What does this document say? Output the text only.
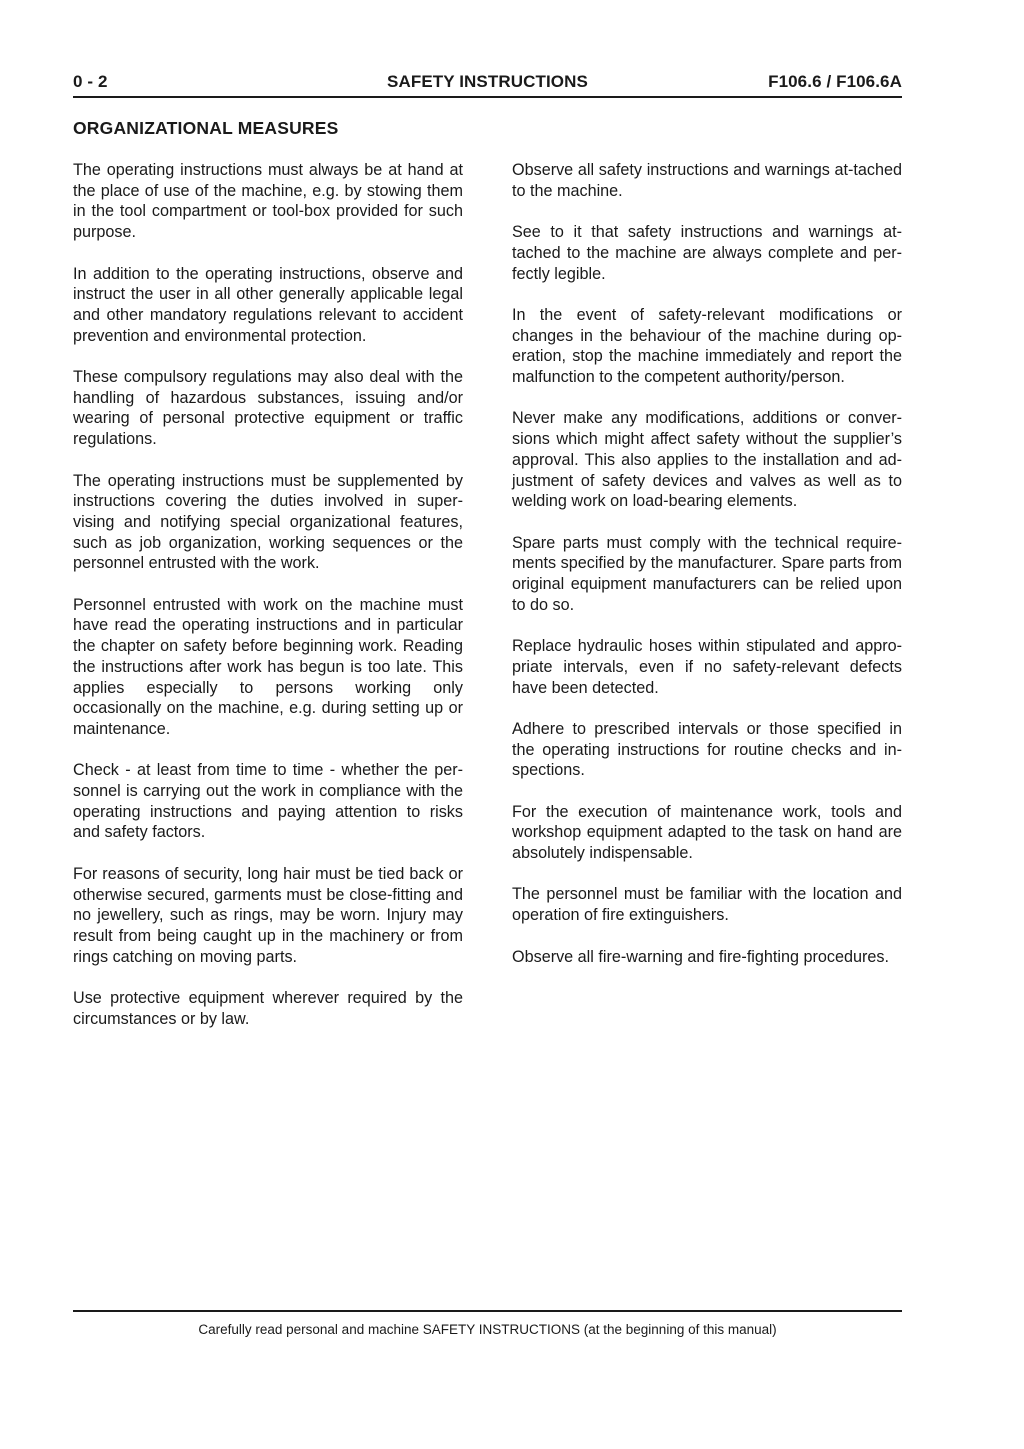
0 - 2	SAFETY INSTRUCTIONS	F106.6 / F106.6A
ORGANIZATIONAL MEASURES

The operating instructions must always be at hand at the place of use of the machine, e.g. by stowing them in the tool compartment or tool-box provided for such purpose.

In addition to the operating instructions, observe and instruct the user in all other generally applicable legal and other mandatory regulations relevant to accident prevention and environmental protection.

These compulsory regulations may also deal with the handling of hazardous substances, issuing and/or wearing of personal protective equipment or traffic regulations.

The operating instructions must be supplemented by instructions covering the duties involved in super-vising and notifying special organizational features, such as job organization, working sequences or the personnel entrusted with the work.

Personnel entrusted with work on the machine must have read the operating instructions and in particular the chapter on safety before beginning work. Reading the instructions after work has begun is too late. This applies especially to persons working only occasionally on the machine, e.g. during setting up or maintenance.

Check - at least from time to time - whether the per-sonnel is carrying out the work in compliance with the operating instructions and paying attention to risks and safety factors.

For reasons of security, long hair must be tied back or otherwise secured, garments must be close-fitting and no jewellery, such as rings, may be worn. Injury may result from being caught up in the machinery or from rings catching on moving parts.

Use protective equipment wherever required by the circumstances or by law.

Observe all safety instructions and warnings at-tached to the machine.

See to it that safety instructions and warnings at-tached to the machine are always complete and per-fectly legible.

In the event of safety-relevant modifications or changes in the behaviour of the machine during op-eration, stop the machine immediately and report the malfunction to the competent authority/person.

Never make any modifications, additions or conver-sions which might affect safety without the supplier’s approval. This also applies to the installation and ad-justment of safety devices and valves as well as to welding work on load-bearing elements.

Spare parts must comply with the technical require-ments specified by the manufacturer. Spare parts from original equipment manufacturers can be relied upon to do so.

Replace hydraulic hoses within stipulated and appro-priate intervals, even if no safety-relevant defects have been detected.

Adhere to prescribed intervals or those specified in the operating instructions for routine checks and in-spections.

For the execution of maintenance work, tools and workshop equipment adapted to the task on hand are absolutely indispensable.

The personnel must be familiar with the location and operation of fire extinguishers.

Observe all fire-warning and fire-fighting procedures.

Carefully read personal and machine SAFETY INSTRUCTIONS (at the beginning of this manual)
